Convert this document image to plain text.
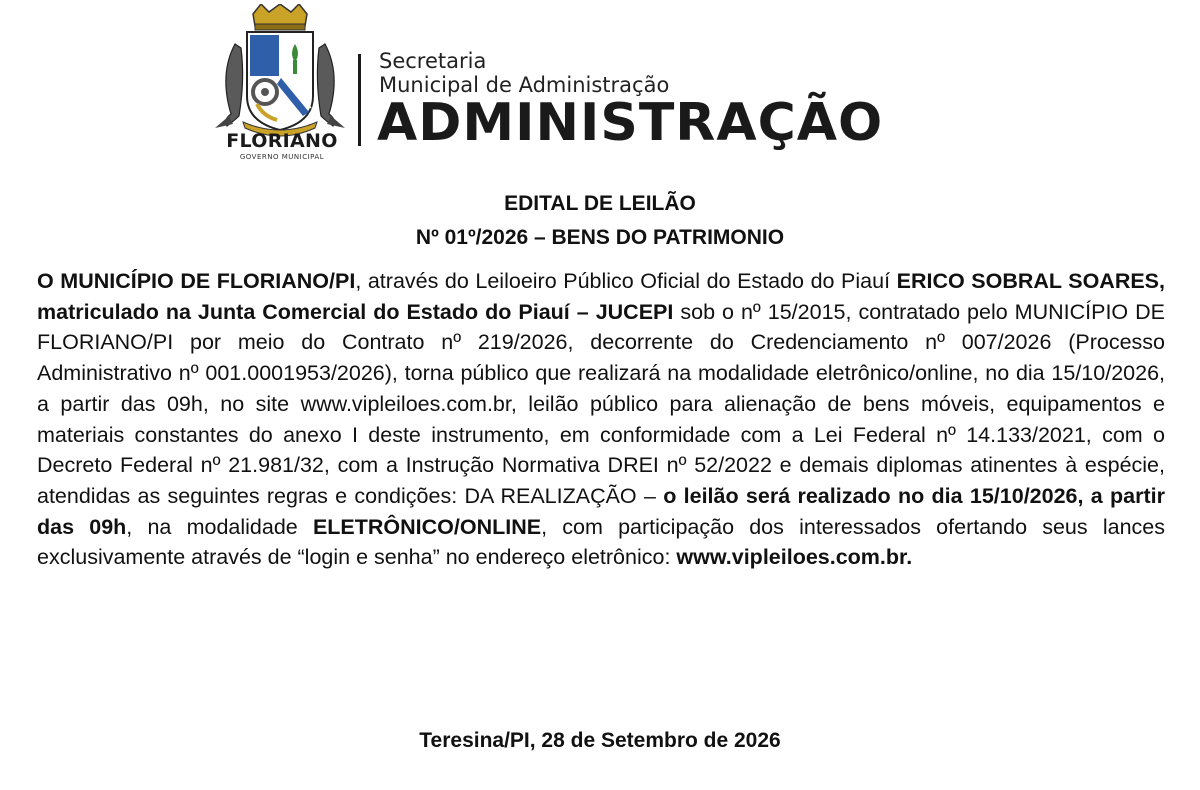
FLORIANO
GOVERNO MUNICIPAL
Secretaria
Municipal de Administração
ADMINISTRAÇÃO
EDITAL DE LEILÃO
Nº 01º/2026 – BENS DO PATRIMONIO
O MUNICÍPIO DE FLORIANO/PI, através do Leiloeiro Público Oficial do Estado do Piauí ERICO SOBRAL SOARES, matriculado na Junta Comercial do Estado do Piauí – JUCEPI sob o nº 15/2015, contratado pelo MUNICÍPIO DE FLORIANO/PI por meio do Contrato nº 219/2026, decorrente do Credenciamento nº 007/2026 (Processo Administrativo nº 001.0001953/2026), torna público que realizará na modalidade eletrônico/online, no dia 15/10/2026, a partir das 09h, no site www.vipleiloes.com.br, leilão público para alienação de bens móveis, equipamentos e materiais constantes do anexo I deste instrumento, em conformidade com a Lei Federal nº 14.133/2021, com o Decreto Federal nº 21.981/32, com a Instrução Normativa DREI nº 52/2022 e demais diplomas atinentes à espécie, atendidas as seguintes regras e condições: DA REALIZAÇÃO – o leilão será realizado no dia 15/10/2026, a partir das 09h, na modalidade ELETRÔNICO/ONLINE, com participação dos interessados ofertando seus lances exclusivamente através de “login e senha” no endereço eletrônico: www.vipleiloes.com.br.
Teresina/PI, 28 de Setembro de 2026
